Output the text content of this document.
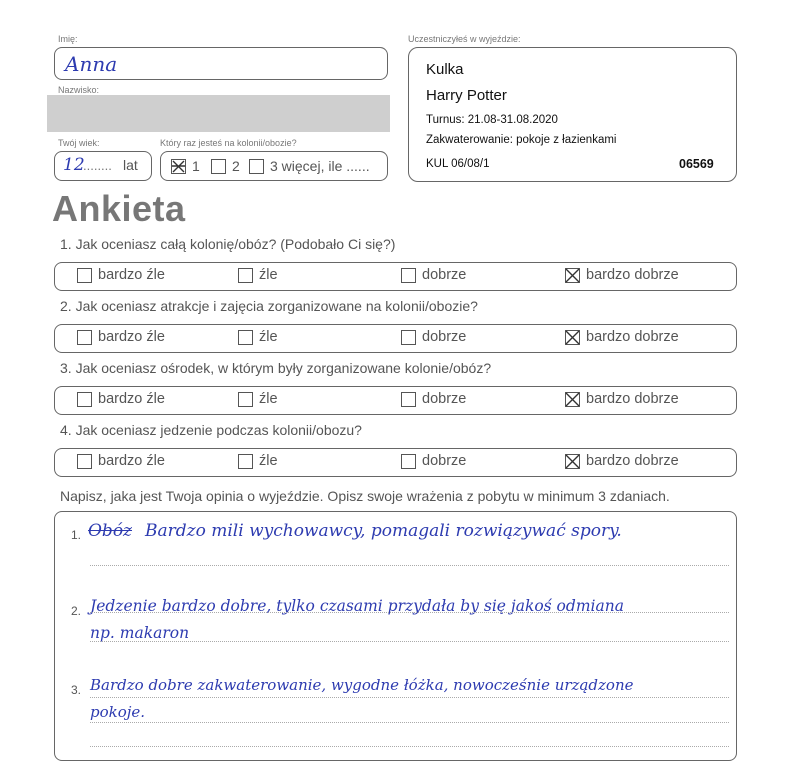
Imię:
Anna
Nazwisko:
Twój wiek:
12
........ lat
Który raz jesteś na kolonii/obozie?
1 2 3 więcej, ile ......
Uczestniczyłeś w wyjeździe:
Kulka
Harry Potter
Turnus: 21.08-31.08.2020
Zakwaterowanie: pokoje z łazienkami
KUL 06/08/1	06569
Ankieta
1. Jak oceniasz całą kolonię/obóz? (Podobało Ci się?)
bardzo źle	źle	dobrze	bardzo dobrze
2. Jak oceniasz atrakcje i zajęcia zorganizowane na kolonii/obozie?
bardzo źle	źle	dobrze	bardzo dobrze
3. Jak oceniasz ośrodek, w którym były zorganizowane kolonie/obóz?
bardzo źle	źle	dobrze	bardzo dobrze
4. Jak oceniasz jedzenie podczas kolonii/obozu?
bardzo źle	źle	dobrze	bardzo dobrze
Napisz, jaka jest Twoja opinia o wyjeździe. Opisz swoje wrażenia z pobytu w minimum 3 zdaniach.
1. Obóz Bardzo mili wychowawcy, pomagali rozwiązywać spory.
2. Jedzenie bardzo dobre, tylko czasami przydała by się jakoś odmiana
np. makaron
3. Bardzo dobre zakwaterowanie, wygodne łóżka, nowocześnie urządzone
pokoje.
